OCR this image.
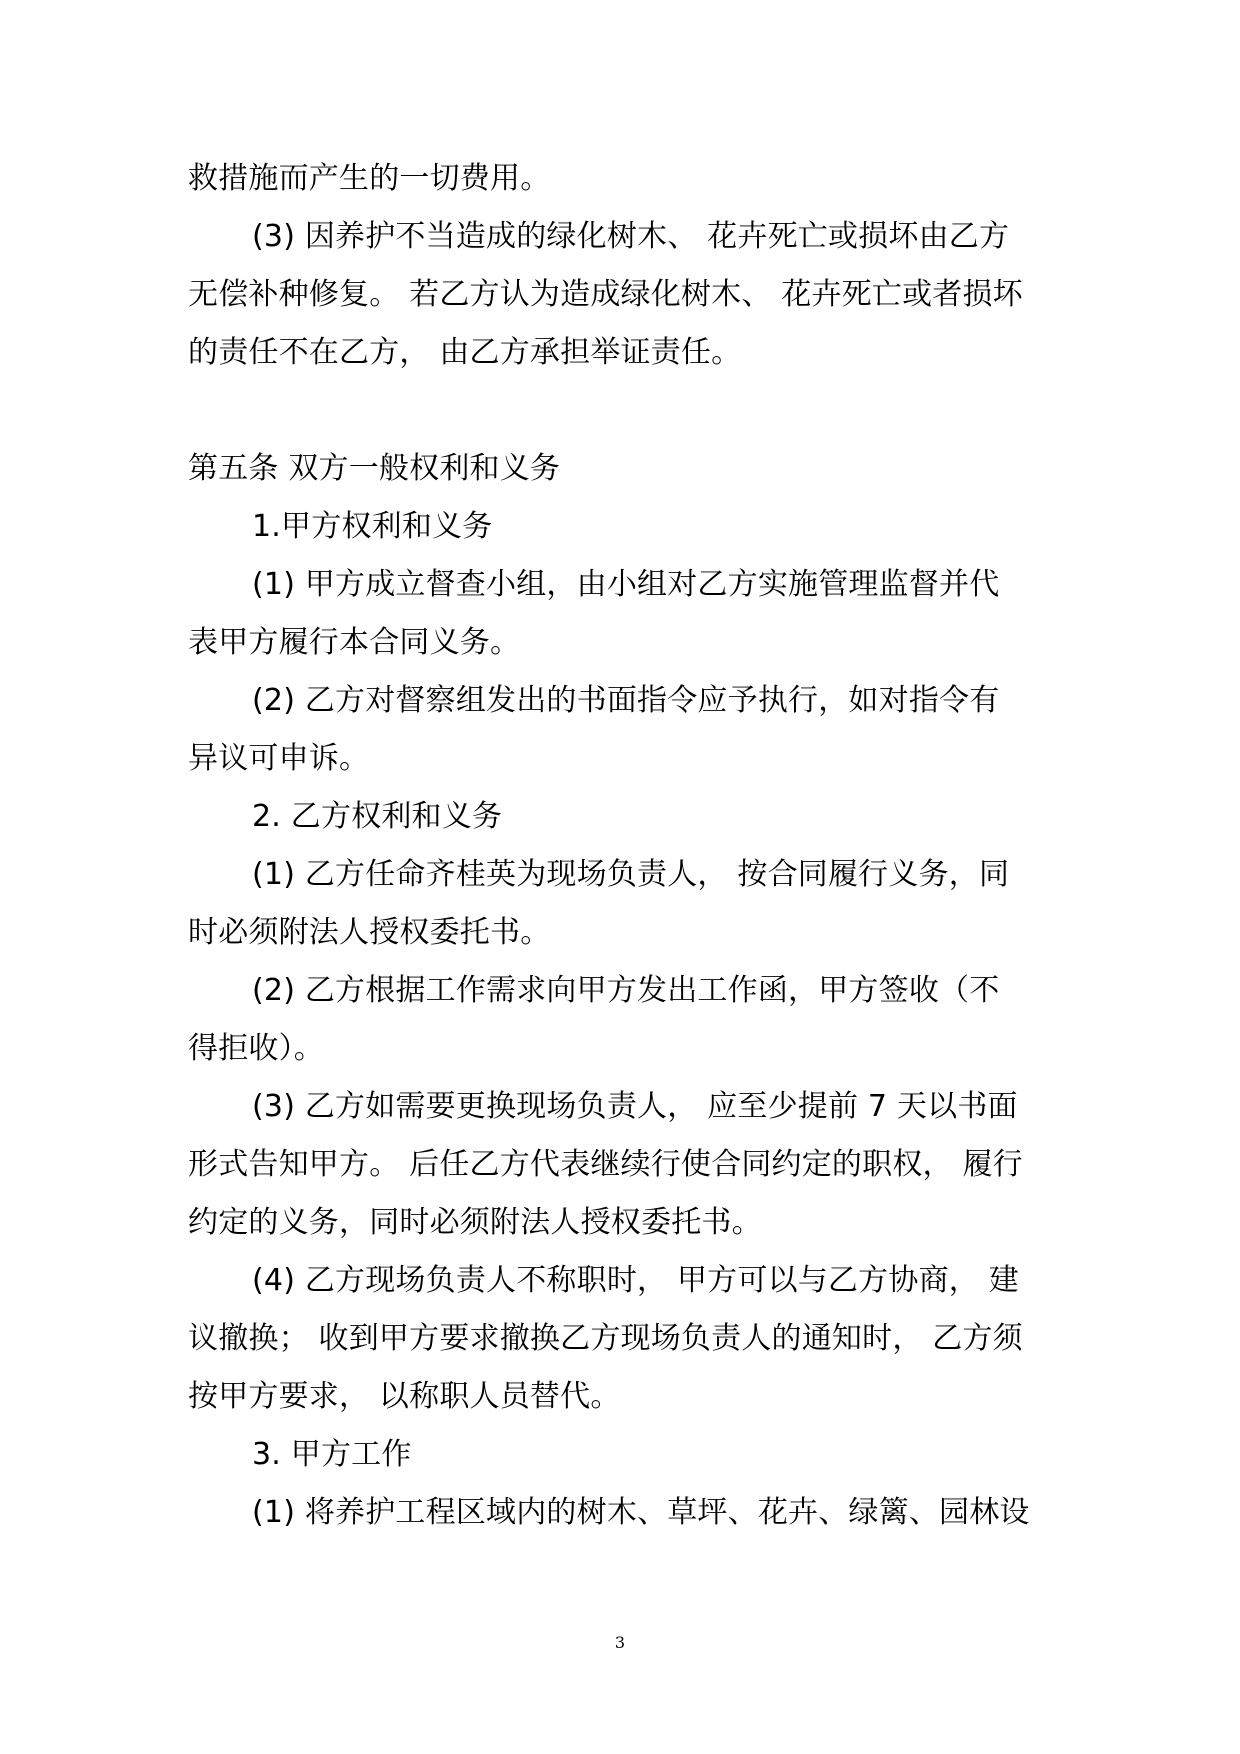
救措施而产生的一切费用。

(3) 因养护不当造成的绿化树木、 花卉死亡或损坏由乙方

无偿补种修复。 若乙方认为造成绿化树木、 花卉死亡或者损坏

的责任不在乙方， 由乙方承担举证责任。

第五条 双方一般权利和义务

1.甲方权利和义务

(1) 甲方成立督查小组，由小组对乙方实施管理监督并代

表甲方履行本合同义务。

(2) 乙方对督察组发出的书面指令应予执行，如对指令有

异议可申诉。

2. 乙方权利和义务

(1) 乙方任命齐桂英为现场负责人， 按合同履行义务，同

时必须附法人授权委托书。

(2) 乙方根据工作需求向甲方发出工作函，甲方签收（不

得拒收）。

(3) 乙方如需要更换现场负责人， 应至少提前 7 天以书面

形式告知甲方。 后任乙方代表继续行使合同约定的职权， 履行

约定的义务，同时必须附法人授权委托书。

(4) 乙方现场负责人不称职时， 甲方可以与乙方协商， 建

议撤换； 收到甲方要求撤换乙方现场负责人的通知时， 乙方须

按甲方要求， 以称职人员替代。

3. 甲方工作

(1) 将养护工程区域内的树木、草坪、花卉、绿篱、园林设

3
